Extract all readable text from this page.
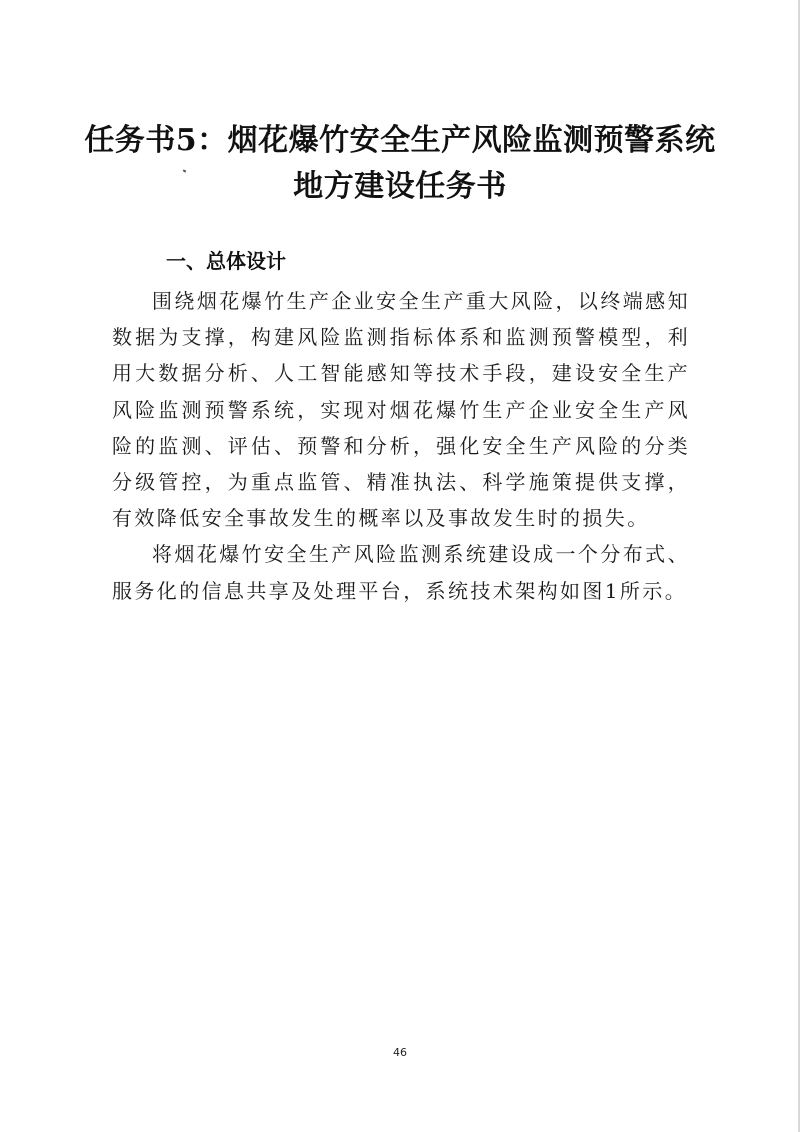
任务书5：烟花爆竹安全生产风险监测预警系统
地方建设任务书
一、总体设计

围绕烟花爆竹生产企业安全生产重大风险，以终端感知数据为支撑，构建风险监测指标体系和监测预警模型，利用大数据分析、人工智能感知等技术手段，建设安全生产风险监测预警系统，实现对烟花爆竹生产企业安全生产风险的监测、评估、预警和分析，强化安全生产风险的分类分级管控，为重点监管、精准执法、科学施策提供支撑，有效降低安全事故发生的概率以及事故发生时的损失。

将烟花爆竹安全生产风险监测系统建设成一个分布式、服务化的信息共享及处理平台，系统技术架构如图1所示。

46
